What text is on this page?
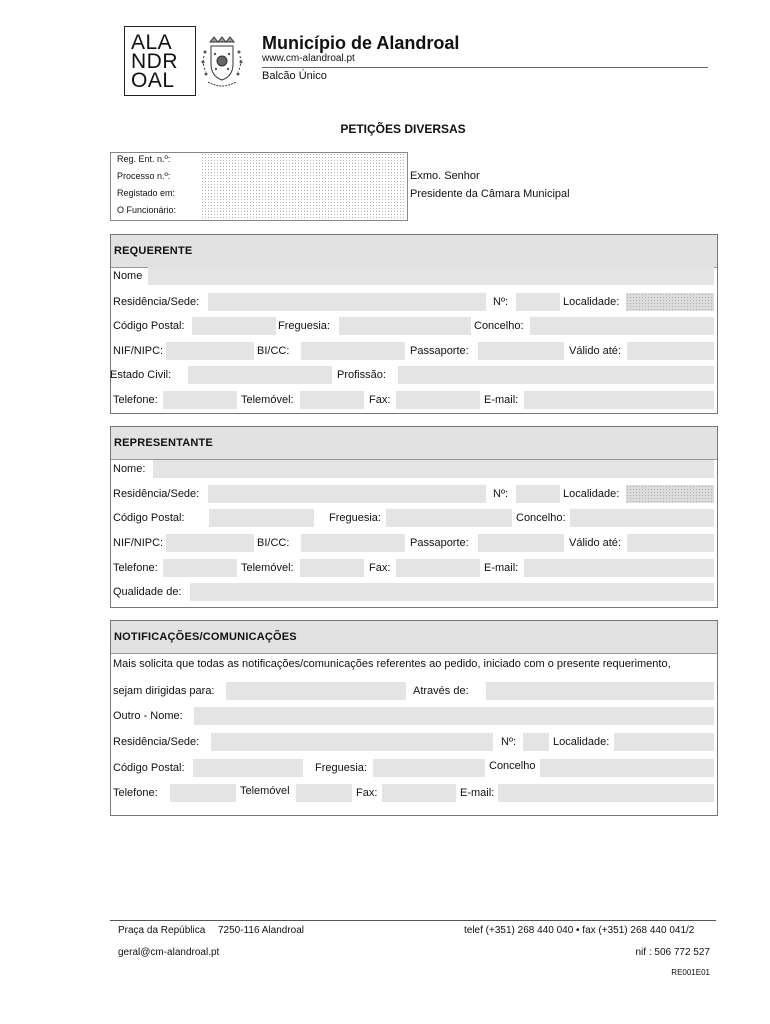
ALA
NDR
OAL
Município de Alandroal
www.cm-alandroal.pt
Balcão Único
PETIÇÕES DIVERSAS
Reg. Ent. n.º:
Processo n.º:
Registado em:
O Funcionário:
Exmo. Senhor
Presidente da Câmara Municipal
REQUERENTE
Nome
Residência/Sede:	Nº:	Localidade:
Código Postal:	Freguesia:	Concelho:
NIF/NIPC:	BI/CC:	Passaporte:	Válido até:
Estado Civil:	Profissão:
Telefone:	Telemóvel:	Fax:	E-mail:
REPRESENTANTE
Nome:
Residência/Sede:	Nº:	Localidade:
Código Postal:	Freguesia:	Concelho:
NIF/NIPC:	BI/CC:	Passaporte:	Válido até:
Telefone:	Telemóvel:	Fax:	E-mail:
Qualidade de:
NOTIFICAÇÕES/COMUNICAÇÕES
Mais solicita que todas as notificações/comunicações referentes ao pedido, iniciado com o presente requerimento,
sejam dirigidas para:	Através de:
Outro - Nome:
Residência/Sede:	Nº:	Localidade:
Código Postal:	Freguesia:	Concelho
Telefone:	Telemóvel	Fax:	E-mail:
Praça da República 7250-116 Alandroal	telef (+351) 268 440 040 • fax (+351) 268 440 041/2
geral@cm-alandroal.pt	nif : 506 772 527
RE001E01
